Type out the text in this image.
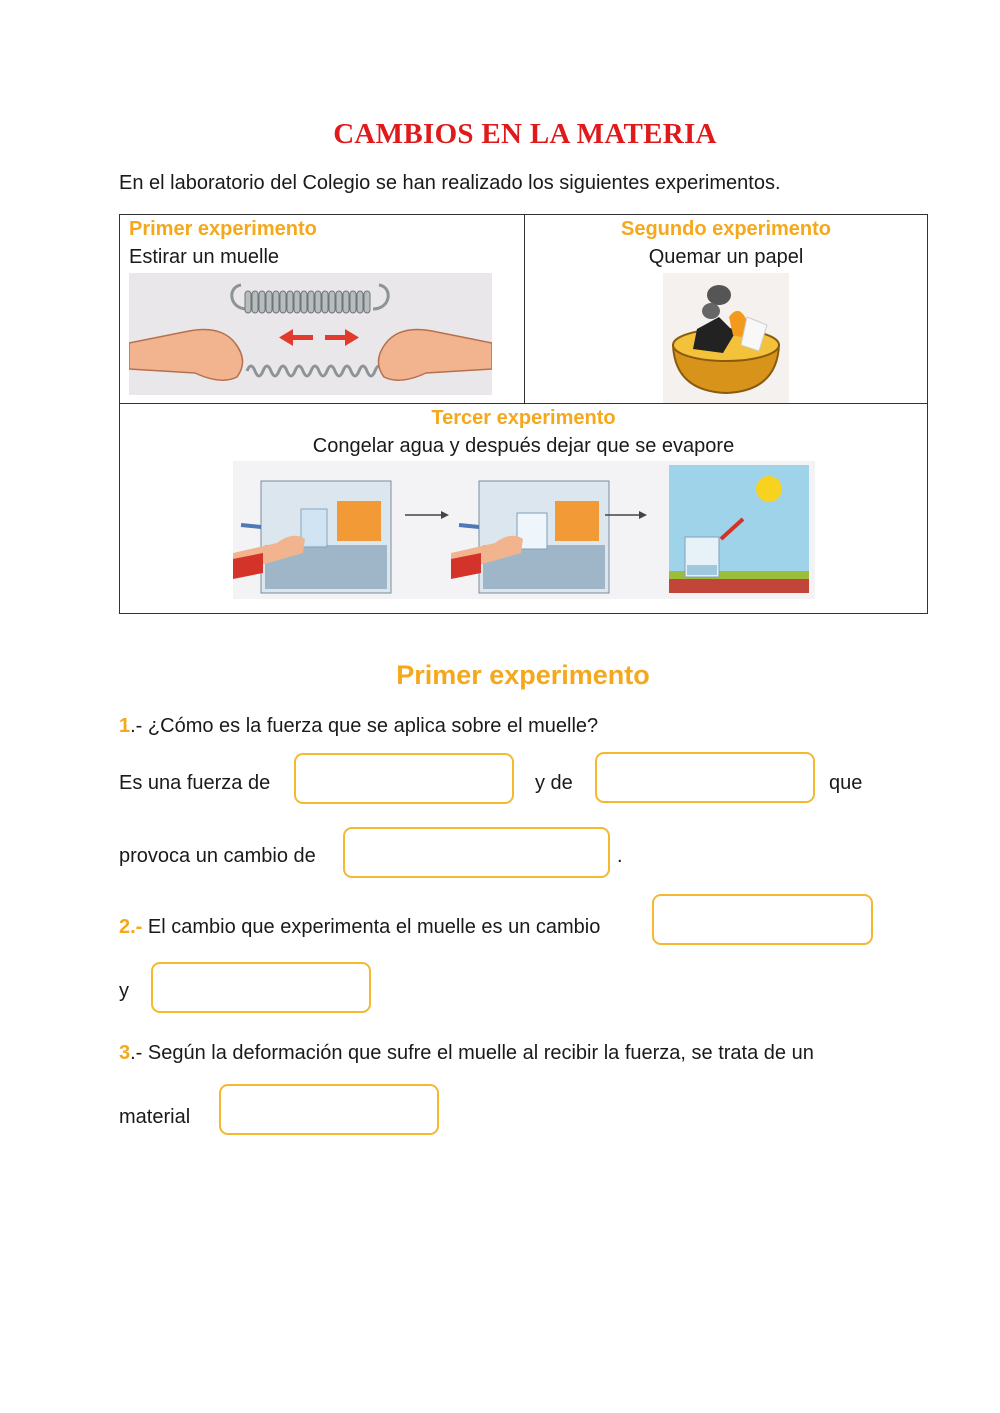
CAMBIOS EN LA MATERIA
En el laboratorio del Colegio se han realizado los siguientes experimentos.
Primer experimento
Estirar un muelle

Segundo experimento
Quemar un papel

Tercer experimento
Congelar agua y después dejar que se evapore
Primer experimento
1.- ¿Cómo es la fuerza que se aplica sobre el muelle?
Es una fuerza de	y de	que
provoca un cambio de	.
2.- El cambio que experimenta el muelle es un cambio
y
3.- Según la deformación que sufre el muelle al recibir la fuerza, se trata de un
material
